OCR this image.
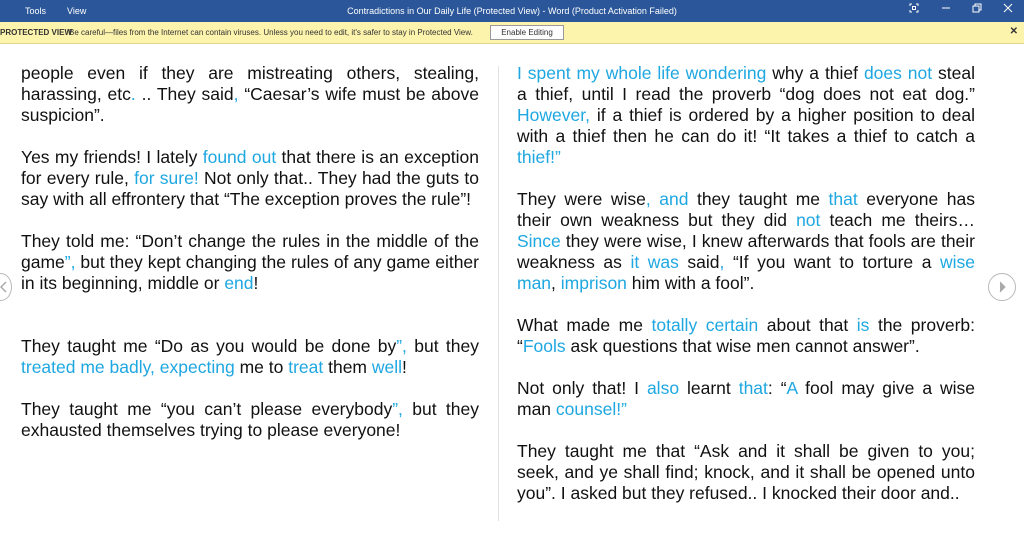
Tools View	Contradictions in Our Daily Life (Protected View) - Word (Product Activation Failed)
PROTECTED VIEW
Be careful—files from the Internet can contain viruses. Unless you need to edit, it's safer to stay in Protected View.	Enable Editing	✕

people even if they are mistreating others, stealing, harassing, etc. .. They said, “Caesar’s wife must be above suspicion”.

Yes my friends! I lately found out that there is an exception for every rule, for sure! Not only that.. They had the guts to say with all effrontery that “The exception proves the rule”!

They told me: “Don’t change the rules in the middle of the game”, but they kept changing the rules of any game either in its beginning, middle or end!

They taught me “Do as you would be done by”, but they treated me badly, expecting me to treat them well!

They taught me “you can’t please everybody”, but they exhausted themselves trying to please everyone!

I spent my whole life wondering why a thief does not steal a thief, until I read the proverb “dog does not eat dog.” However, if a thief is ordered by a higher position to deal with a thief then he can do it! “It takes a thief to catch a thief!”

They were wise, and they taught me that everyone has their own weakness but they did not teach me theirs… Since they were wise, I knew afterwards that fools are their weakness as it was said, “If you want to torture a wise man, imprison him with a fool”.

What made me totally certain about that is the proverb: “Fools ask questions that wise men cannot answer”.

Not only that! I also learnt that: “A fool may give a wise man counsel!”

They taught me that “Ask and it shall be given to you; seek, and ye shall find; knock, and it shall be opened unto you”. I asked but they refused.. I knocked their door and..
